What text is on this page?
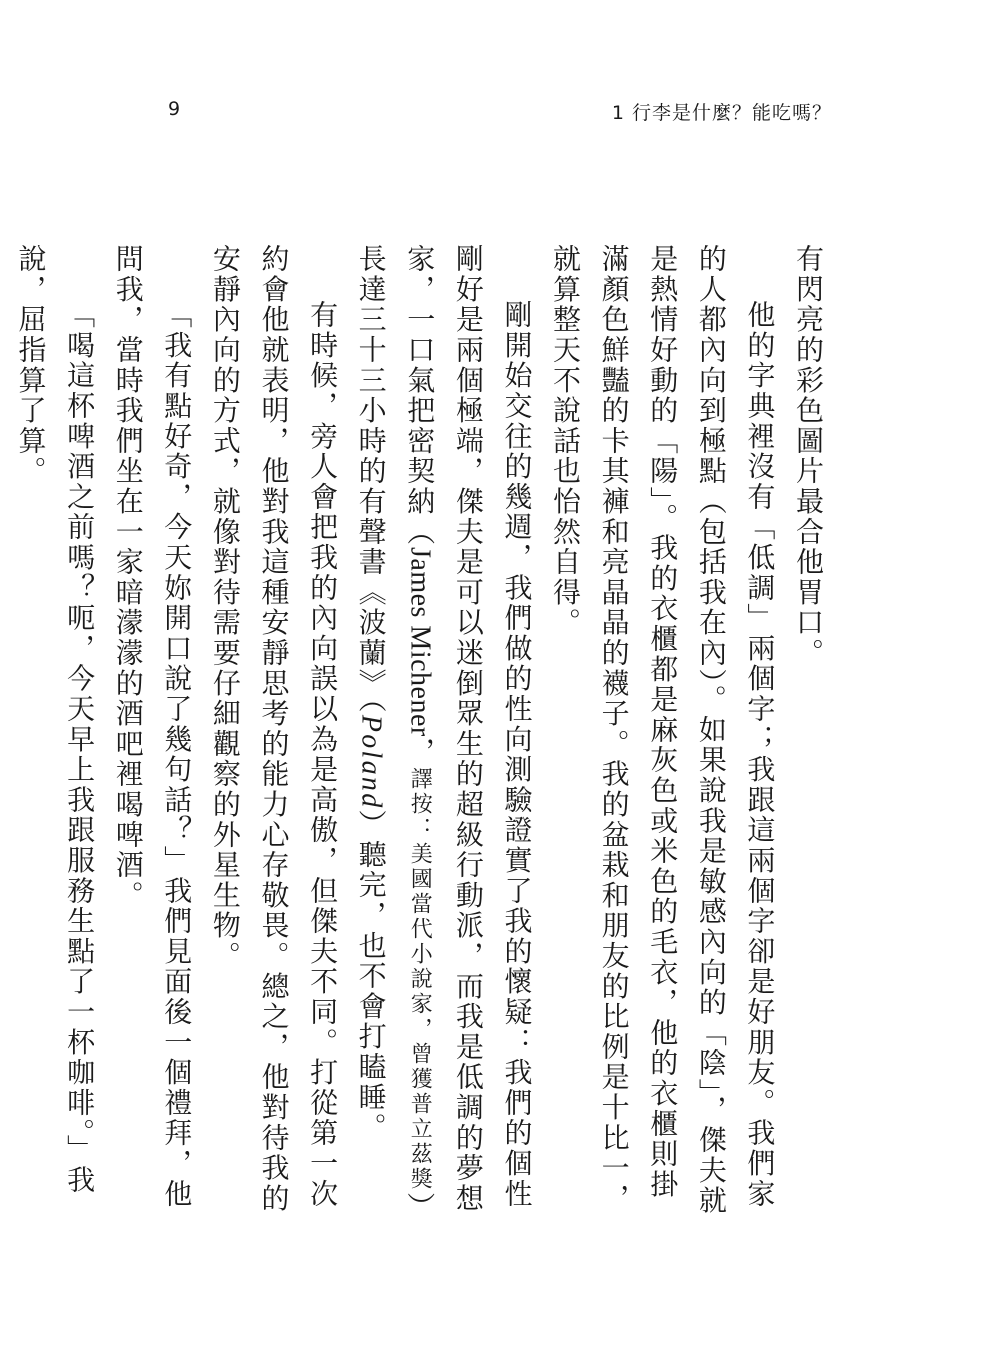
9	1 行李是什麼？能吃嗎？

有閃亮的彩色圖片最合他胃口。

他的字典裡沒有「低調」兩個字；我跟這兩個字卻是好朋友。我們家的人都內向到極點（包括我在內）。如果說我是敏感內向的「陰」，傑夫就是熱情好動的「陽」。我的衣櫃都是麻灰色或米色的毛衣，他的衣櫃則掛滿顏色鮮豔的卡其褲和亮晶晶的襪子。我的盆栽和朋友的比例是十比一，就算整天不說話也怡然自得。

剛開始交往的幾週，我們做的性向測驗證實了我的懷疑：我們的個性剛好是兩個極端，傑夫是可以迷倒眾生的超級行動派，而我是低調的夢想家，一口氣把密契納（James Michener，譯按：美國當代小說家，曾獲普立茲獎）長達三十三小時的有聲書《波蘭》（Poland）聽完，也不會打瞌睡。

有時候，旁人會把我的內向誤以為是高傲，但傑夫不同。打從第一次約會他就表明，他對我這種安靜思考的能力心存敬畏。總之，他對待我的安靜內向的方式，就像對待需要仔細觀察的外星生物。

「我有點好奇，今天妳開口說了幾句話？」我們見面後一個禮拜，他問我，當時我們坐在一家暗濛濛的酒吧裡喝啤酒。

「喝這杯啤酒之前嗎？呃，今天早上我跟服務生點了一杯咖啡。」我說，屈指算了算。
